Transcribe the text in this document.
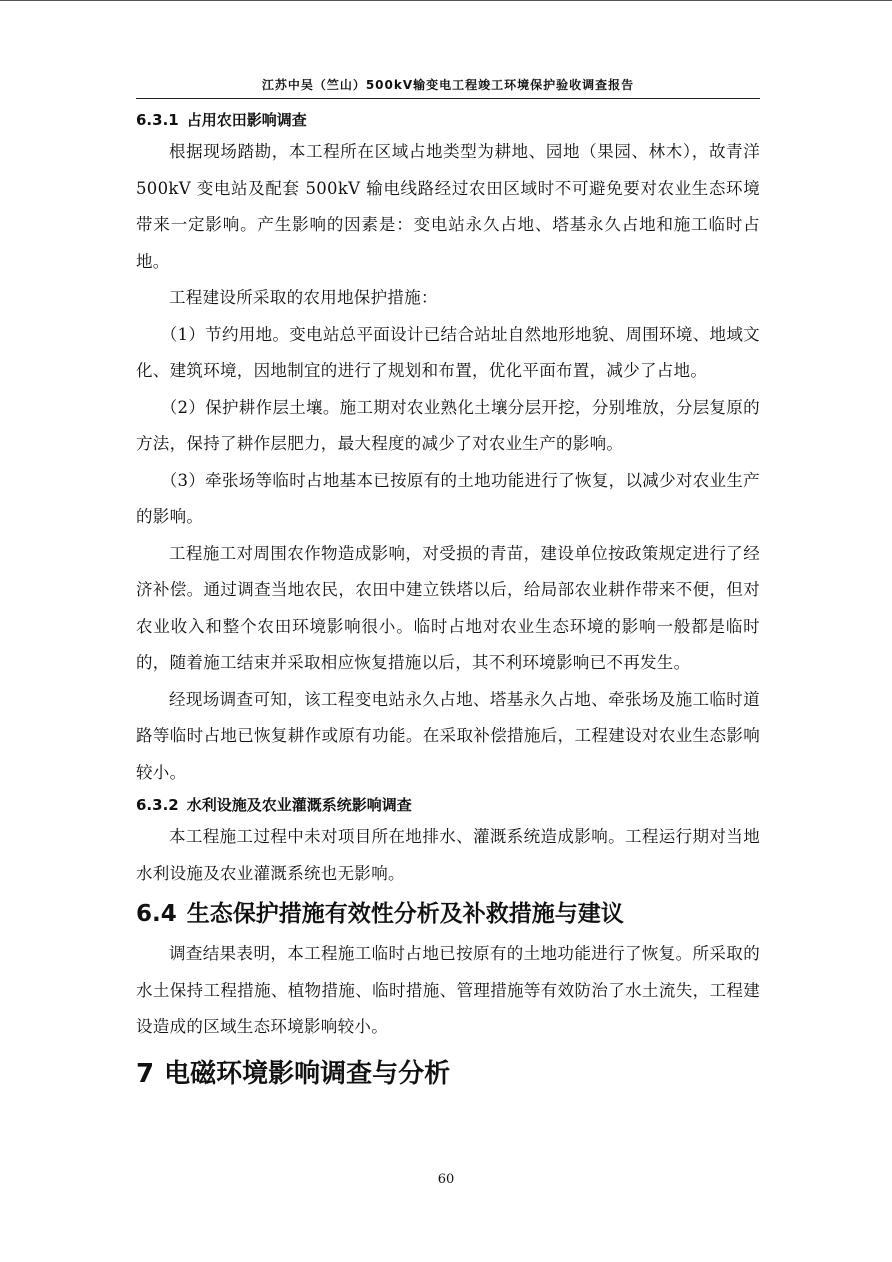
江苏中吴（竺山）500kV输变电工程竣工环境保护验收调查报告
6.3.1 占用农田影响调查

根据现场踏勘，本工程所在区域占地类型为耕地、园地（果园、林木），故青洋 500kV 变电站及配套 500kV 输电线路经过农田区域时不可避免要对农业生态环境带来一定影响。产生影响的因素是：变电站永久占地、塔基永久占地和施工临时占地。

工程建设所采取的农用地保护措施：

（1）节约用地。变电站总平面设计已结合站址自然地形地貌、周围环境、地域文化、建筑环境，因地制宜的进行了规划和布置，优化平面布置，减少了占地。

（2）保护耕作层土壤。施工期对农业熟化土壤分层开挖，分别堆放，分层复原的方法，保持了耕作层肥力，最大程度的减少了对农业生产的影响。

（3）牵张场等临时占地基本已按原有的土地功能进行了恢复，以减少对农业生产的影响。

工程施工对周围农作物造成影响，对受损的青苗，建设单位按政策规定进行了经济补偿。通过调查当地农民，农田中建立铁塔以后，给局部农业耕作带来不便，但对农业收入和整个农田环境影响很小。临时占地对农业生态环境的影响一般都是临时的，随着施工结束并采取相应恢复措施以后，其不利环境影响已不再发生。

经现场调查可知，该工程变电站永久占地、塔基永久占地、牵张场及施工临时道路等临时占地已恢复耕作或原有功能。在采取补偿措施后，工程建设对农业生态影响较小。

6.3.2 水利设施及农业灌溉系统影响调查

本工程施工过程中未对项目所在地排水、灌溉系统造成影响。工程运行期对当地水利设施及农业灌溉系统也无影响。

6.4 生态保护措施有效性分析及补救措施与建议

调查结果表明，本工程施工临时占地已按原有的土地功能进行了恢复。所采取的水土保持工程措施、植物措施、临时措施、管理措施等有效防治了水土流失，工程建设造成的区域生态环境影响较小。

7 电磁环境影响调查与分析
60
